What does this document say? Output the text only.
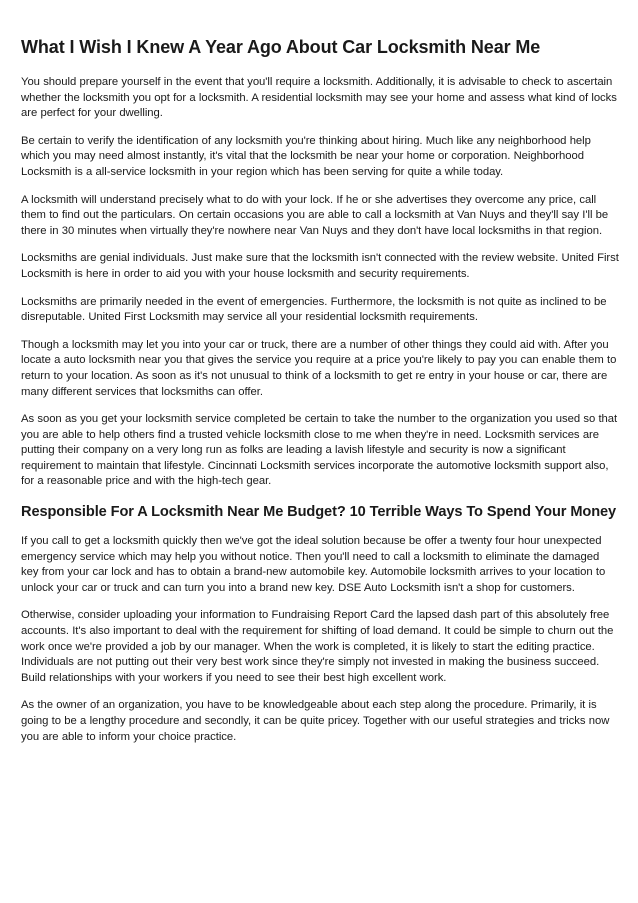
What I Wish I Knew A Year Ago About Car Locksmith Near Me

You should prepare yourself in the event that you'll require a locksmith. Additionally, it is advisable to check to ascertain whether the locksmith you opt for a locksmith. A residential locksmith may see your home and assess what kind of locks are perfect for your dwelling.

Be certain to verify the identification of any locksmith you're thinking about hiring. Much like any neighborhood help which you may need almost instantly, it's vital that the locksmith be near your home or corporation. Neighborhood Locksmith is a all-service locksmith in your region which has been serving for quite a while today.

A locksmith will understand precisely what to do with your lock. If he or she advertises they overcome any price, call them to find out the particulars. On certain occasions you are able to call a locksmith at Van Nuys and they'll say I'll be there in 30 minutes when virtually they're nowhere near Van Nuys and they don't have local locksmiths in that region.

Locksmiths are genial individuals. Just make sure that the locksmith isn't connected with the review website. United First Locksmith is here in order to aid you with your house locksmith and security requirements.

Locksmiths are primarily needed in the event of emergencies. Furthermore, the locksmith is not quite as inclined to be disreputable. United First Locksmith may service all your residential locksmith requirements.

Though a locksmith may let you into your car or truck, there are a number of other things they could aid with. After you locate a auto locksmith near you that gives the service you require at a price you're likely to pay you can enable them to return to your location. As soon as it's not unusual to think of a locksmith to get re entry in your house or car, there are many different services that locksmiths can offer.

As soon as you get your locksmith service completed be certain to take the number to the organization you used so that you are able to help others find a trusted vehicle locksmith close to me when they're in need. Locksmith services are putting their company on a very long run as folks are leading a lavish lifestyle and security is now a significant requirement to maintain that lifestyle. Cincinnati Locksmith services incorporate the automotive locksmith support also, for a reasonable price and with the high-tech gear.

Responsible For A Locksmith Near Me Budget? 10 Terrible Ways To Spend Your Money

If you call to get a locksmith quickly then we've got the ideal solution because be offer a twenty four hour unexpected emergency service which may help you without notice. Then you'll need to call a locksmith to eliminate the damaged key from your car lock and has to obtain a brand-new automobile key. Automobile locksmith arrives to your location to unlock your car or truck and can turn you into a brand new key. DSE Auto Locksmith isn't a shop for customers.

Otherwise, consider uploading your information to Fundraising Report Card the lapsed dash part of this absolutely free accounts. It's also important to deal with the requirement for shifting of load demand. It could be simple to churn out the work once we're provided a job by our manager. When the work is completed, it is likely to start the editing practice. Individuals are not putting out their very best work since they're simply not invested in making the business succeed. Build relationships with your workers if you need to see their best high excellent work.

As the owner of an organization, you have to be knowledgeable about each step along the procedure. Primarily, it is going to be a lengthy procedure and secondly, it can be quite pricey. Together with our useful strategies and tricks now you are able to inform your choice practice.
